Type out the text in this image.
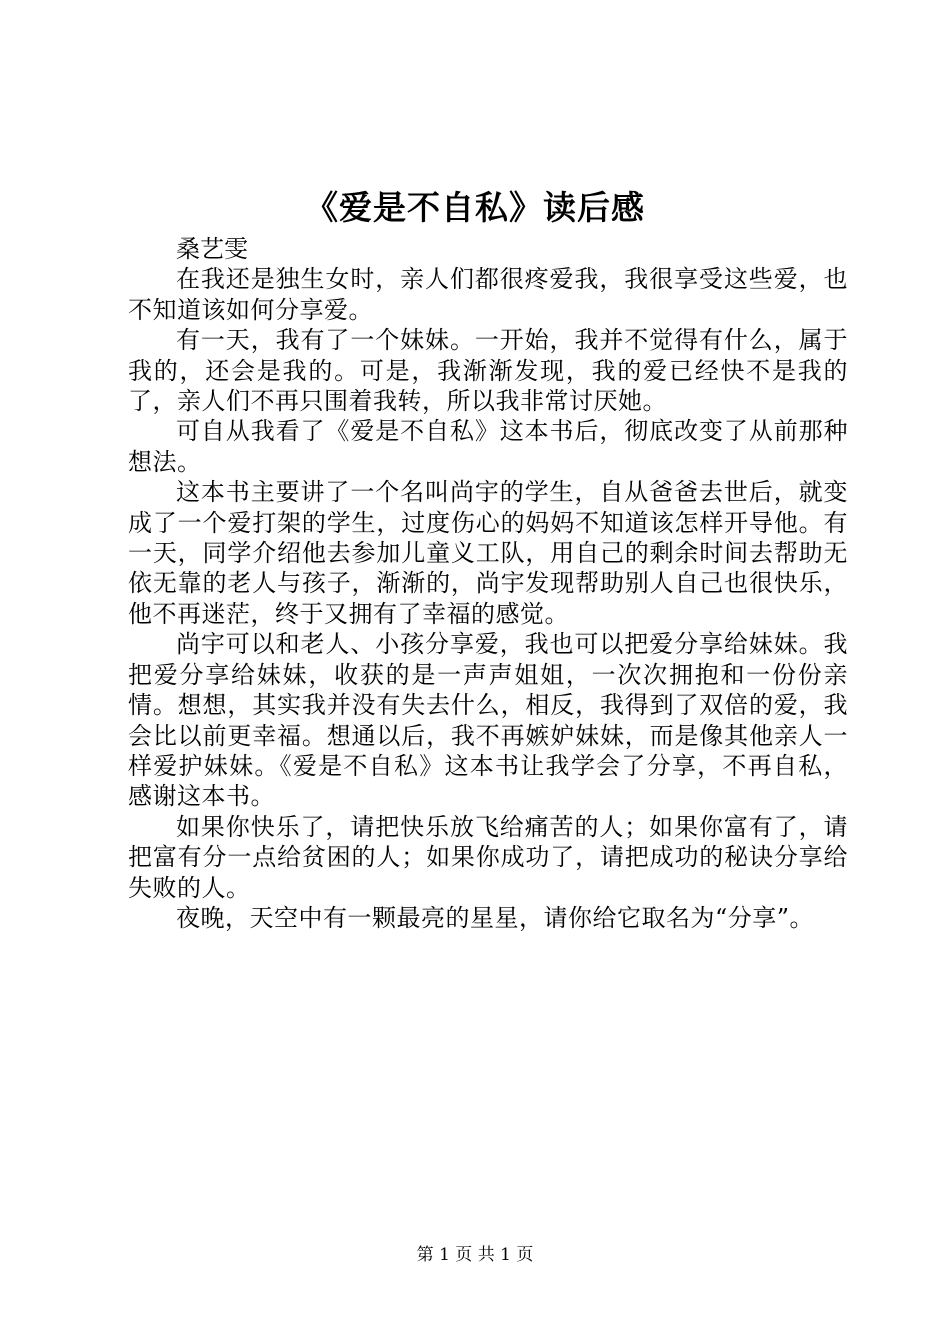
《爱是不自私》读后感

桑艺雯

在我还是独生女时，亲人们都很疼爱我，我很享受这些爱，也不知道该如何分享爱。

有一天，我有了一个妹妹。一开始，我并不觉得有什么，属于我的，还会是我的。可是，我渐渐发现，我的爱已经快不是我的了，亲人们不再只围着我转，所以我非常讨厌她。

可自从我看了《爱是不自私》这本书后，彻底改变了从前那种想法。

这本书主要讲了一个名叫尚宇的学生，自从爸爸去世后，就变成了一个爱打架的学生，过度伤心的妈妈不知道该怎样开导他。有一天，同学介绍他去参加儿童义工队，用自己的剩余时间去帮助无依无靠的老人与孩子，渐渐的，尚宇发现帮助别人自己也很快乐，他不再迷茫，终于又拥有了幸福的感觉。

尚宇可以和老人、小孩分享爱，我也可以把爱分享给妹妹。我把爱分享给妹妹，收获的是一声声姐姐，一次次拥抱和一份份亲情。想想，其实我并没有失去什么，相反，我得到了双倍的爱，我会比以前更幸福。想通以后，我不再嫉妒妹妹，而是像其他亲人一样爱护妹妹。《爱是不自私》这本书让我学会了分享，不再自私，感谢这本书。

如果你快乐了，请把快乐放飞给痛苦的人；如果你富有了，请把富有分一点给贫困的人；如果你成功了，请把成功的秘诀分享给失败的人。

夜晚，天空中有一颗最亮的星星，请你给它取名为“分享”。

第 1 页 共 1 页
